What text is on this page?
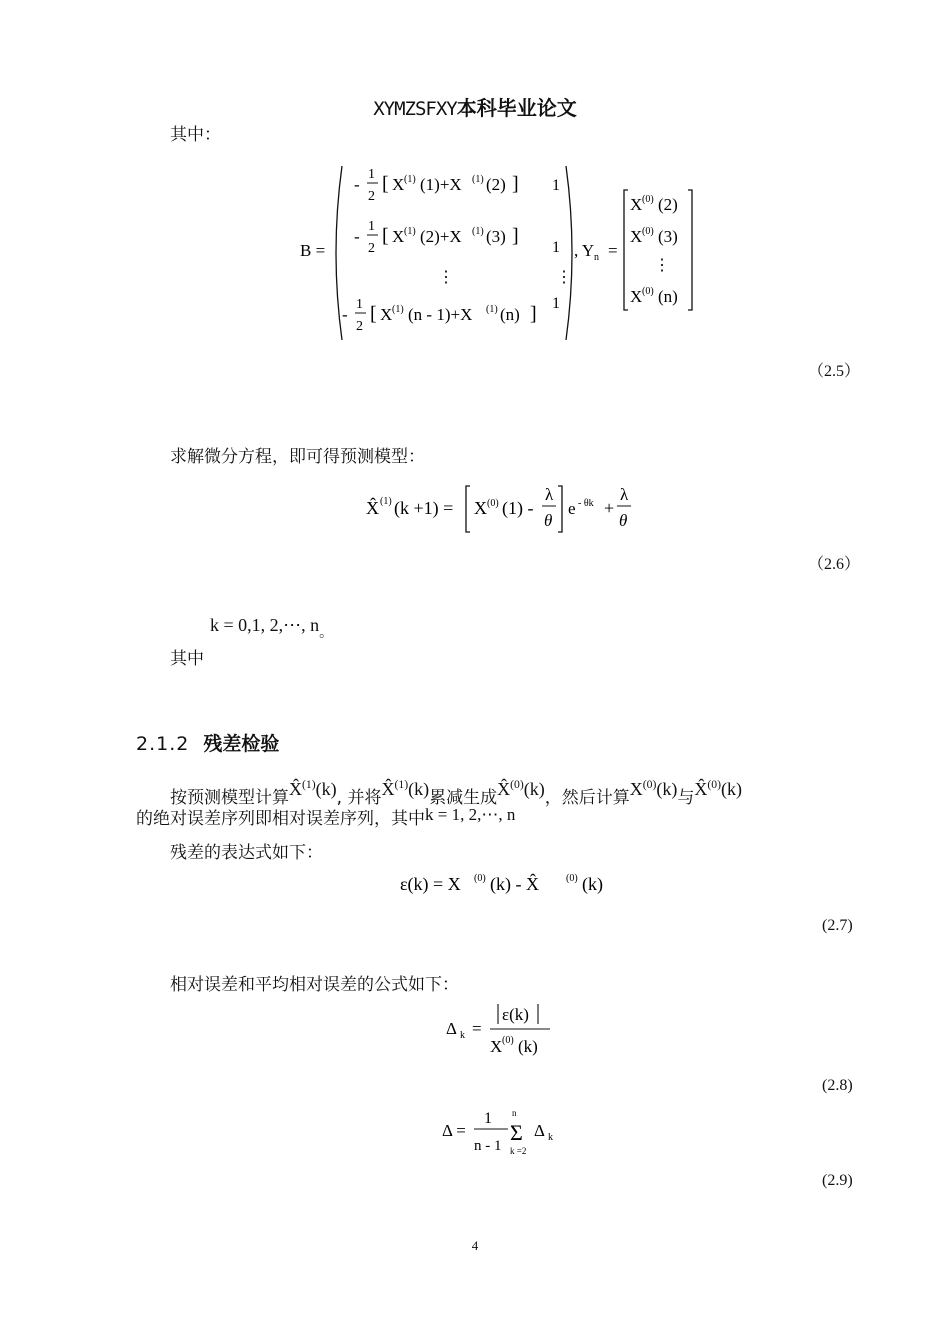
XYMZSFXY本科毕业论文
其中：
B =
-
1
2
[ X (1) (1)+X (1) (2) ] 1
-
1
2
[ X (1) (2)+X (1) (3) ]
1
⋮	⋮
-
1
2
[ X (1) (n - 1)+X (1) (n) ] 1
, Y n =
X (0) (2)
X (0) (3)
⋮
X (0) (n)
（2.5）
求解微分方程，即可得预测模型：
X̂ (1) (k +1) = X (0) (1) -
λ
θ
e - θk +
λ
θ
（2.6）
k = 0,1, 2,⋯, $n_。$
其中
2.1.2 残差检验
按预测模型计算X̂$^{(1)}$(k), 并将X̂$^{(1)}$(k)累减生成X̂$^{(0)}$(k)，然后计算$X^{(0)}(k)$与X̂$^{(0)}$(k)
的绝对误差序列即相对误差序列，其中k = 1, 2,⋯, n
残差的表达式如下：
ε(k) = X (0) (k) - X̂	(0) (k)
(2.7)
相对误差和平均相对误差的公式如下：
Δ k =
ε(k)
X (0) (k)
(2.8)
Δ =
1
n - 1
n
Σ
k =2
Δ k
(2.9)
4
